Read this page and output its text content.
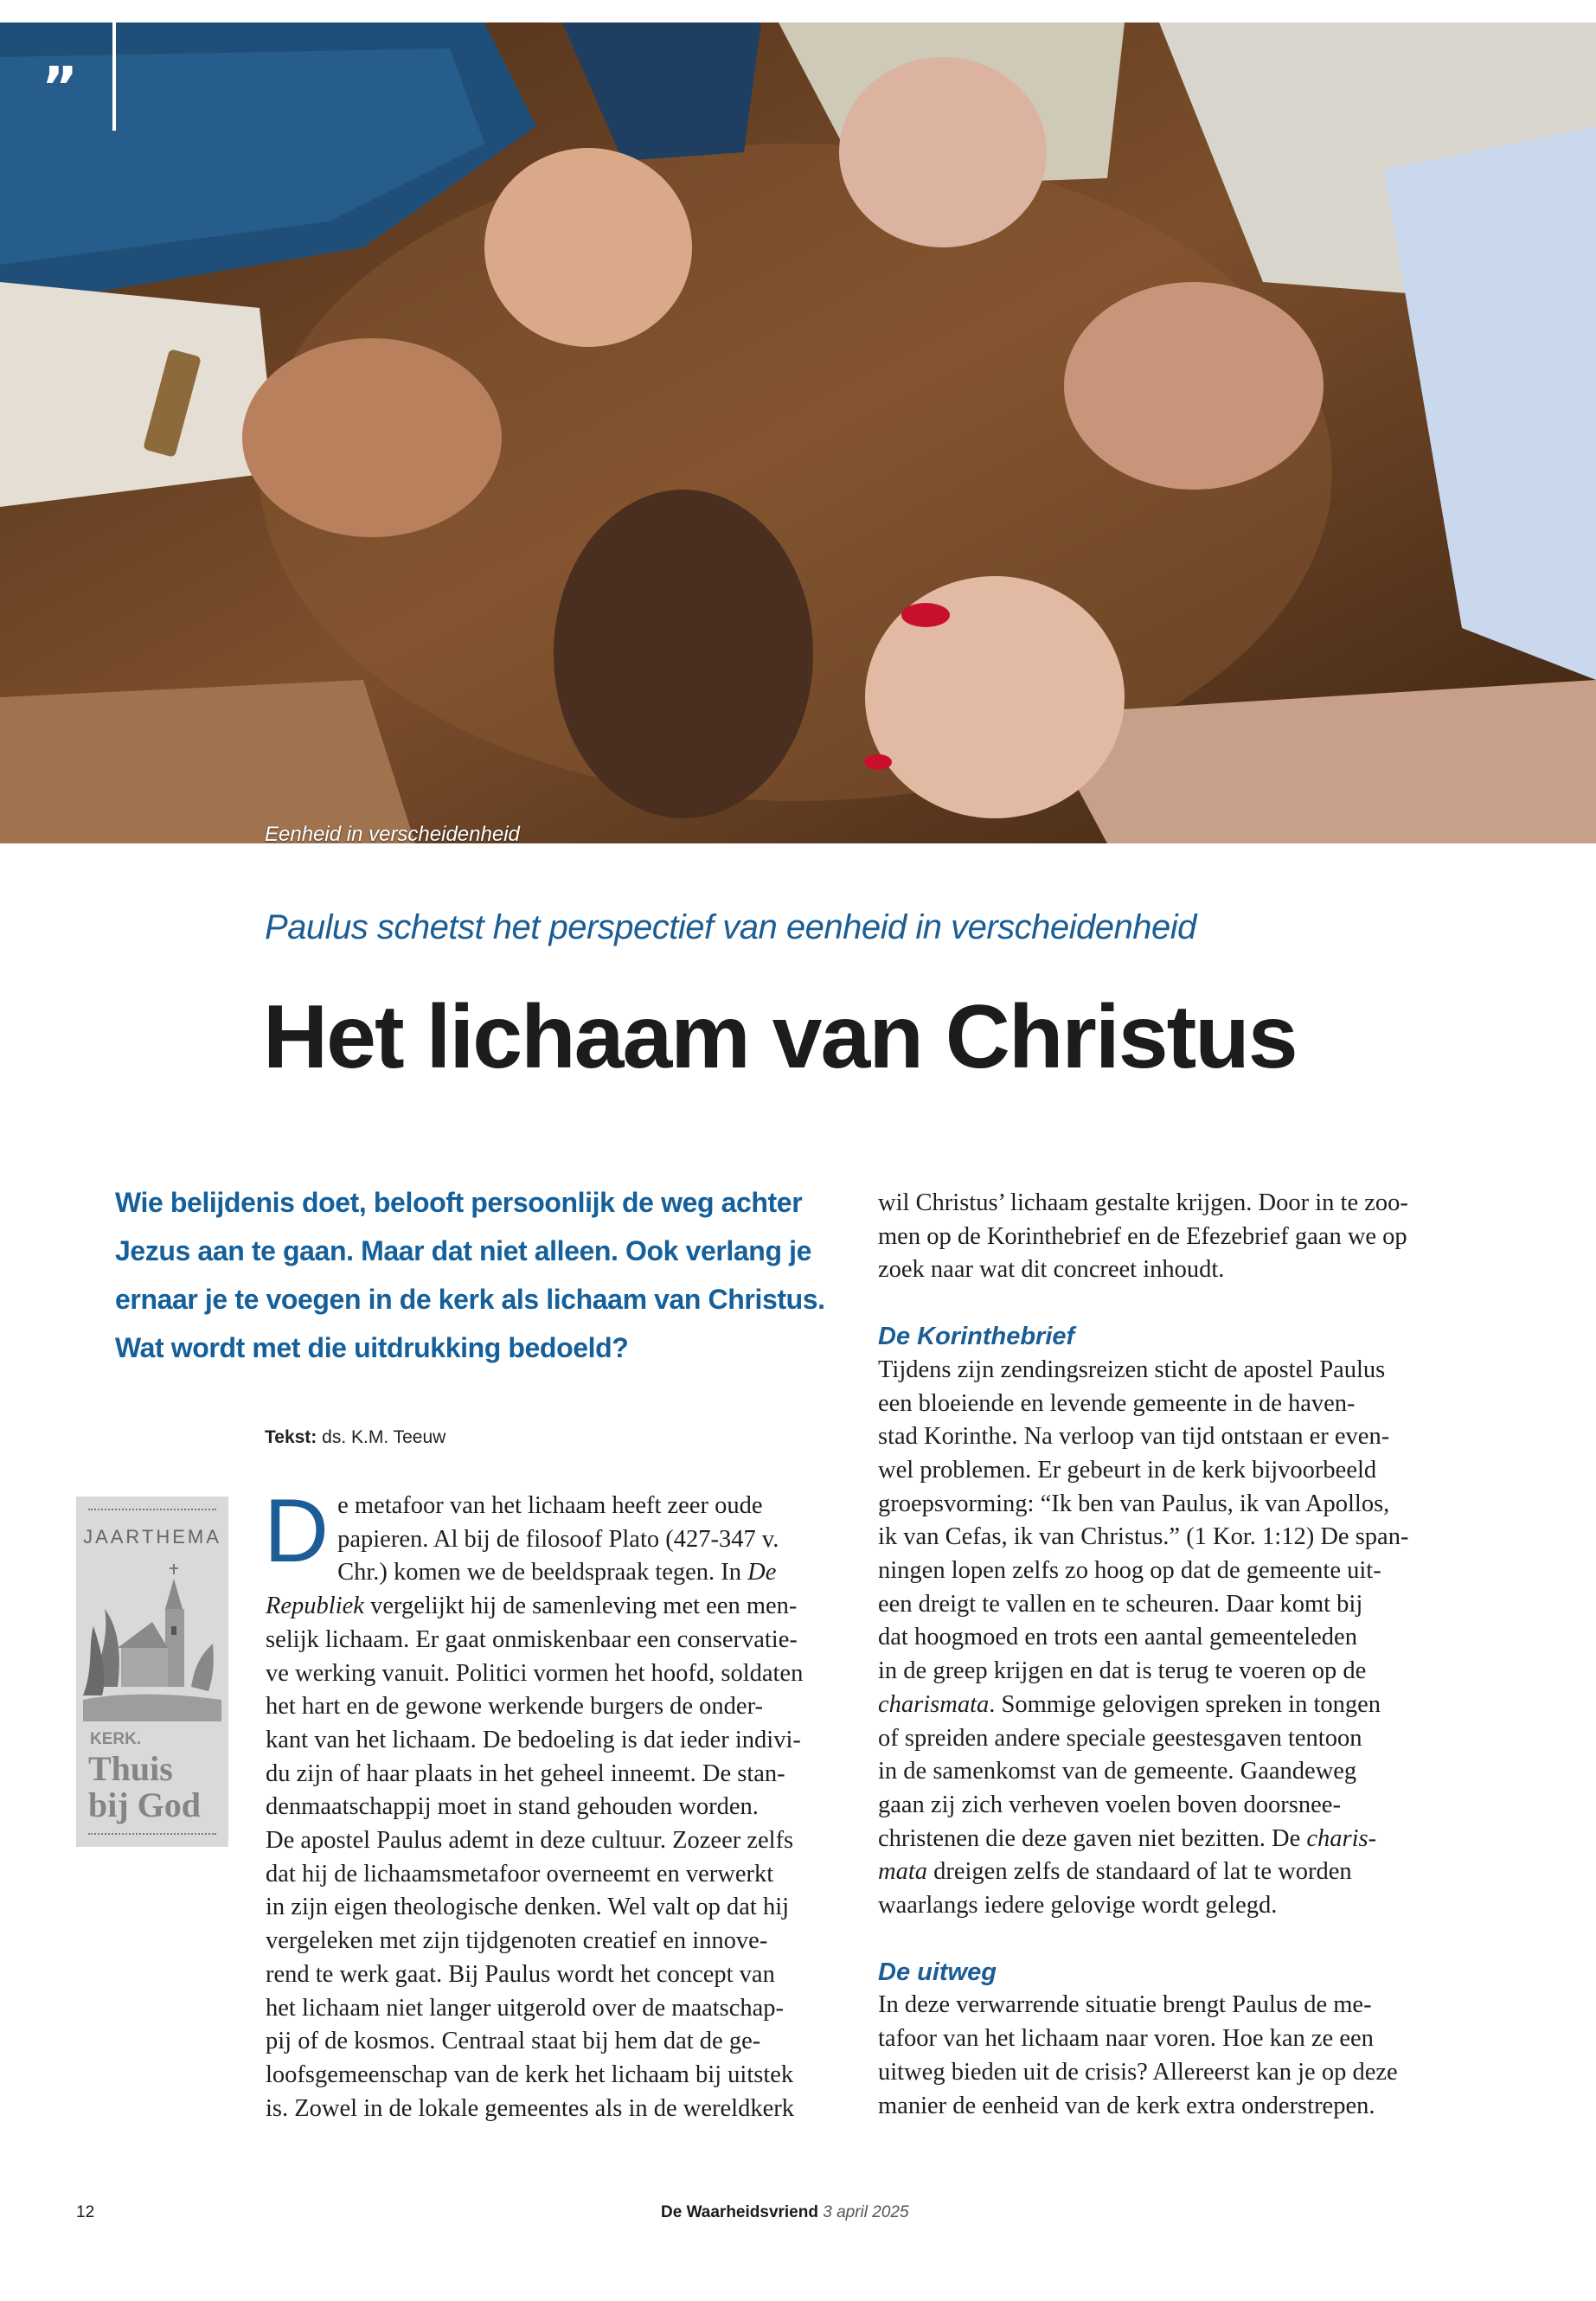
”
Eenheid in verscheidenheid
Paulus schetst het perspectief van eenheid in verscheidenheid
Het lichaam van Christus
Wie belijdenis doet, belooft persoonlijk de weg achter Jezus aan te gaan. Maar dat niet alleen. Ook verlang je ernaar je te voegen in de kerk als lichaam van Christus. Wat wordt met die uitdrukking bedoeld?
Tekst: ds. K.M. Teeuw
JAARTHEMA
KERK.
Thuis
bij God
D e metafoor van het lichaam heeft zeer oude

papieren. Al bij de filosoof Plato (427-347 v.

Chr.) komen we de beeldspraak tegen. In De

Republiek vergelijkt hij de samenleving met een men-

selijk lichaam. Er gaat onmiskenbaar een conservatie-

ve werking vanuit. Politici vormen het hoofd, soldaten

het hart en de gewone werkende burgers de onder-

kant van het lichaam. De bedoeling is dat ieder indivi-

du zijn of haar plaats in het geheel inneemt. De stan-

denmaatschappij moet in stand gehouden worden.

De apostel Paulus ademt in deze cultuur. Zozeer zelfs

dat hij de lichaamsmetafoor overneemt en verwerkt

in zijn eigen theologische denken. Wel valt op dat hij

vergeleken met zijn tijdgenoten creatief en innove-

rend te werk gaat. Bij Paulus wordt het concept van

het lichaam niet langer uitgerold over de maatschap-

pij of de kosmos. Centraal staat bij hem dat de ge-

loofsgemeenschap van de kerk het lichaam bij uitstek

is. Zowel in de lokale gemeentes als in de wereldkerk

wil Christus’ lichaam gestalte krijgen. Door in te zoo-

men op de Korinthebrief en de Efezebrief gaan we op

zoek naar wat dit concreet inhoudt.

De Korinthebrief

Tijdens zijn zendingsreizen sticht de apostel Paulus

een bloeiende en levende gemeente in de haven-

stad Korinthe. Na verloop van tijd ontstaan er even-

wel problemen. Er gebeurt in de kerk bijvoorbeeld

groepsvorming: “Ik ben van Paulus, ik van Apollos,

ik van Cefas, ik van Christus.” (1 Kor. 1:12) De span-

ningen lopen zelfs zo hoog op dat de gemeente uit-

een dreigt te vallen en te scheuren. Daar komt bij

dat hoogmoed en trots een aantal gemeenteleden

in de greep krijgen en dat is terug te voeren op de

charismata. Sommige gelovigen spreken in tongen

of spreiden andere speciale geestesgaven tentoon

in de samenkomst van de gemeente. Gaandeweg

gaan zij zich verheven voelen boven doorsnee-

christenen die deze gaven niet bezitten. De charis-

mata dreigen zelfs de standaard of lat te worden

waarlangs iedere gelovige wordt gelegd.

De uitweg

In deze verwarrende situatie brengt Paulus de me-

tafoor van het lichaam naar voren. Hoe kan ze een

uitweg bieden uit de crisis? Allereerst kan je op deze

manier de eenheid van de kerk extra onderstrepen.

12	De Waarheidsvriend 3 april 2025
